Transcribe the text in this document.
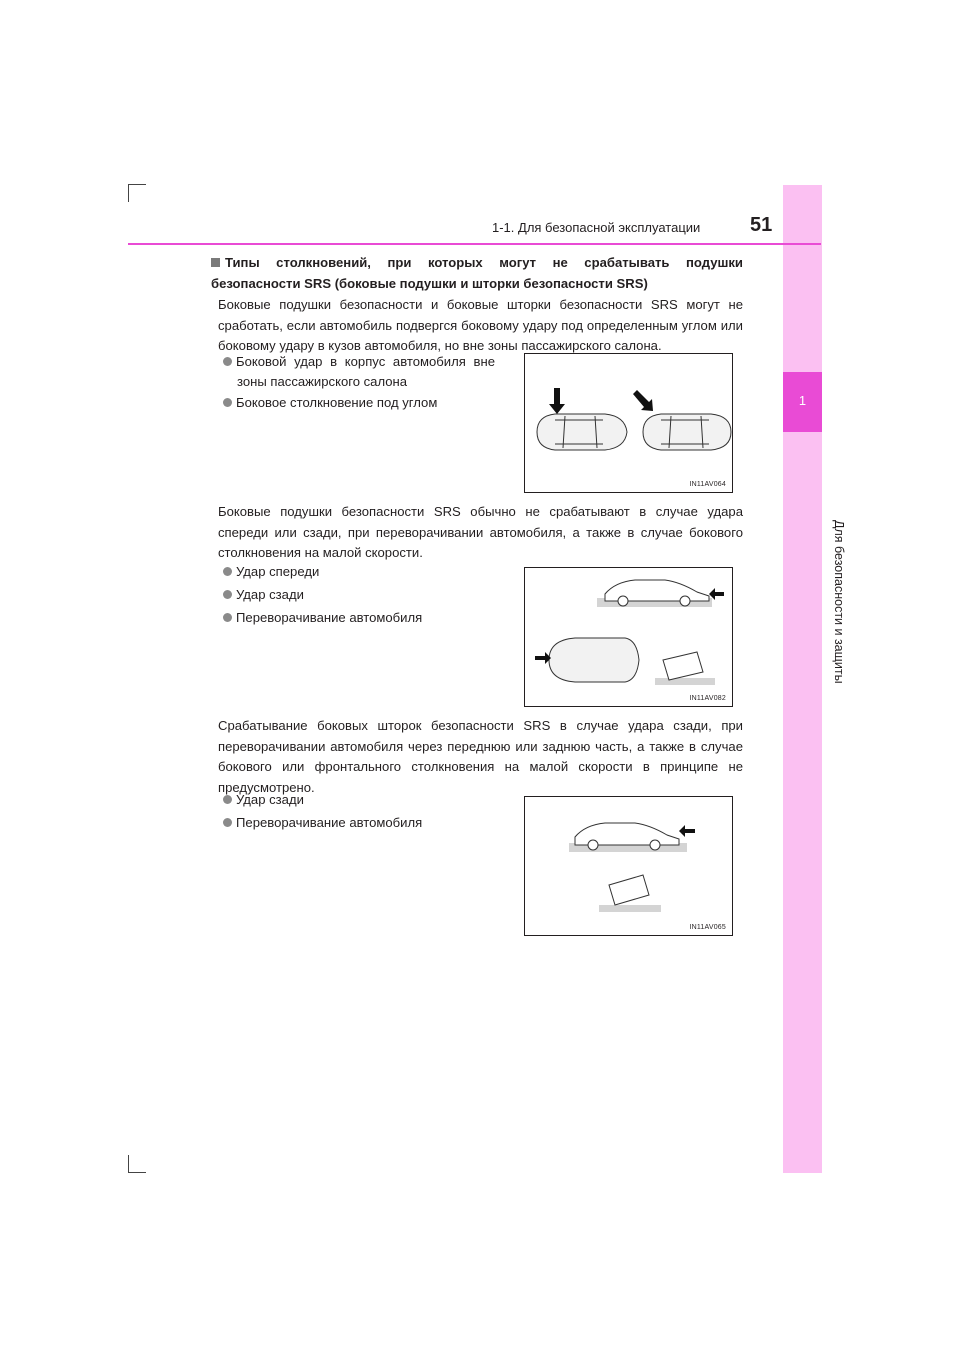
1
Для безопасности и защиты
1-1. Для безопасной эксплуатации 51
Типы столкновений, при которых могут не срабатывать подушки безопасности SRS (боковые подушки и шторки безопасности SRS)
Боковые подушки безопасности и боковые шторки безопасности SRS могут не сработать, если автомобиль подвергся боковому удару под определенным углом или боковому удару в кузов автомобиля, но вне зоны пассажирского салона.
Боковой удар в корпус автомобиля вне
зоны пассажирского салона
Боковое столкновение под углом
IN11AV064
Боковые подушки безопасности SRS обычно не срабатывают в случае удара спереди или сзади, при переворачивании автомобиля, а также в случае бокового столкновения на малой скорости.
Удар спереди
Удар сзади
Переворачивание автомобиля
IN11AV082
Срабатывание боковых шторок безопасности SRS в случае удара сзади, при переворачивании автомобиля через переднюю или заднюю часть, а также в случае бокового или фронтального столкновения на малой скорости в принципе не предусмотрено.
Удар сзади
Переворачивание автомобиля
IN11AV065
